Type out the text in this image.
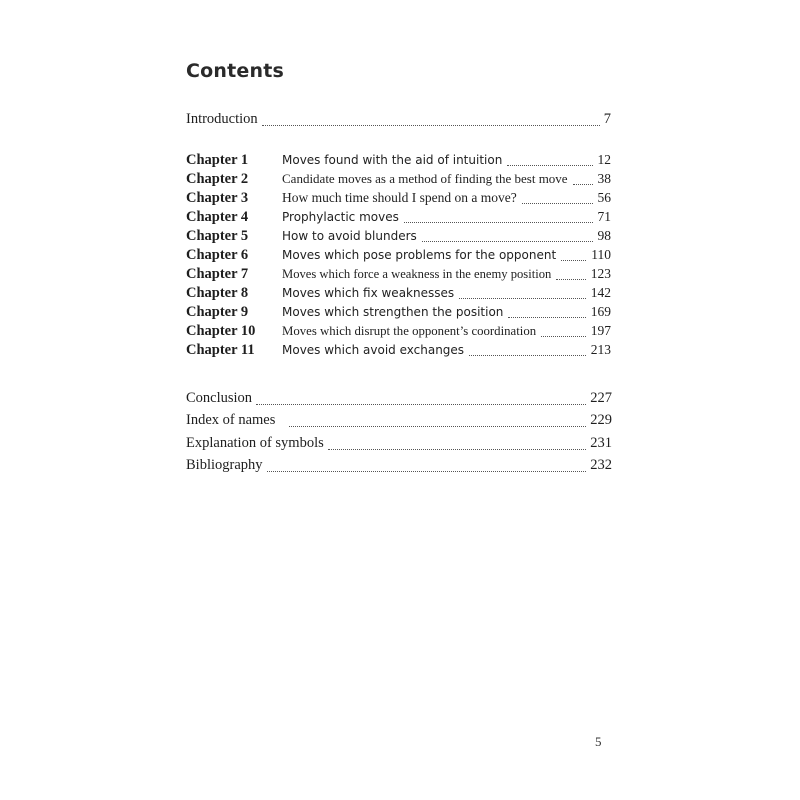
Contents
Introduction	7
Chapter 1	Moves found with the aid of intuition	12
Chapter 2	Candidate moves as a method of finding the best move 38
Chapter 3	How much time should I spend on a move?	56
Chapter 4	Prophylactic moves	71
Chapter 5	How to avoid blunders	98
Chapter 6	Moves which pose problems for the opponent	110
Chapter 7	Moves which force a weakness in the enemy position	123
Chapter 8	Moves which fix weaknesses	142
Chapter 9	Moves which strengthen the position	169
Chapter 10	Moves which disrupt the opponent’s coordination	197
Chapter 11	Moves which avoid exchanges	213
Conclusion	227
Index of names	229
Explanation of symbols	231
Bibliography	232
5
